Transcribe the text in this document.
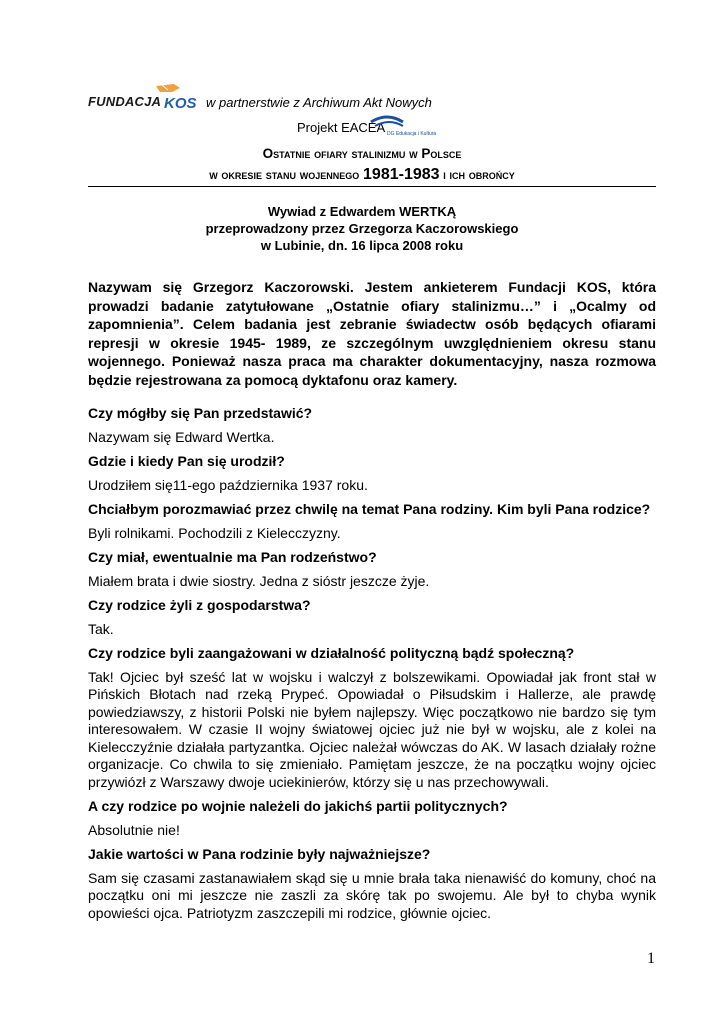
FUNDACJA KOS w partnerstwie z Archiwum Akt Nowych
Projekt EACEA DG Edukacja i Kultura
Ostatnie ofiary stalinizmu w Polsce
w okresie stanu wojennego 1981-1983 i ich obrońcy
Wywiad z Edwardem WERTKĄ
przeprowadzony przez Grzegorza Kaczorowskiego
w Lubinie, dn. 16 lipca 2008 roku

Nazywam się Grzegorz Kaczorowski. Jestem ankieterem Fundacji KOS, która prowadzi badanie zatytułowane „Ostatnie ofiary stalinizmu…” i „Ocalmy od zapomnienia”. Celem badania jest zebranie świadectw osób będących ofiarami represji w okresie 1945- 1989, ze szczególnym uwzględnieniem okresu stanu wojennego. Ponieważ nasza praca ma charakter dokumentacyjny, nasza rozmowa będzie rejestrowana za pomocą dyktafonu oraz kamery.

Czy mógłby się Pan przedstawić?

Nazywam się Edward Wertka.

Gdzie i kiedy Pan się urodził?

Urodziłem się11-ego października 1937 roku.

Chciałbym porozmawiać przez chwilę na temat Pana rodziny. Kim byli Pana rodzice?

Byli rolnikami. Pochodzili z Kielecczyzny.

Czy miał, ewentualnie ma Pan rodzeństwo?

Miałem brata i dwie siostry. Jedna z sióstr jeszcze żyje.

Czy rodzice żyli z gospodarstwa?

Tak.

Czy rodzice byli zaangażowani w działalność polityczną bądź społeczną?

Tak! Ojciec był sześć lat w wojsku i walczył z bolszewikami. Opowiadał jak front stał w Pińskich Błotach nad rzeką Prypeć. Opowiadał o Piłsudskim i Hallerze, ale prawdę powiedziawszy, z historii Polski nie byłem najlepszy. Więc początkowo nie bardzo się tym interesowałem. W czasie II wojny światowej ojciec już nie był w wojsku, ale z kolei na Kielecczyźnie działała partyzantka. Ojciec należał wówczas do AK. W lasach działały rożne organizacje. Co chwila to się zmieniało. Pamiętam jeszcze, że na początku wojny ojciec przywiózł z Warszawy dwoje uciekinierów, którzy się u nas przechowywali.

A czy rodzice po wojnie należeli do jakichś partii politycznych?

Absolutnie nie!

Jakie wartości w Pana rodzinie były najważniejsze?

Sam się czasami zastanawiałem skąd się u mnie brała taka nienawiść do komuny, choć na początku oni mi jeszcze nie zaszli za skórę tak po swojemu. Ale był to chyba wynik opowieści ojca. Patriotyzm zaszczepili mi rodzice, głównie ojciec.

1
